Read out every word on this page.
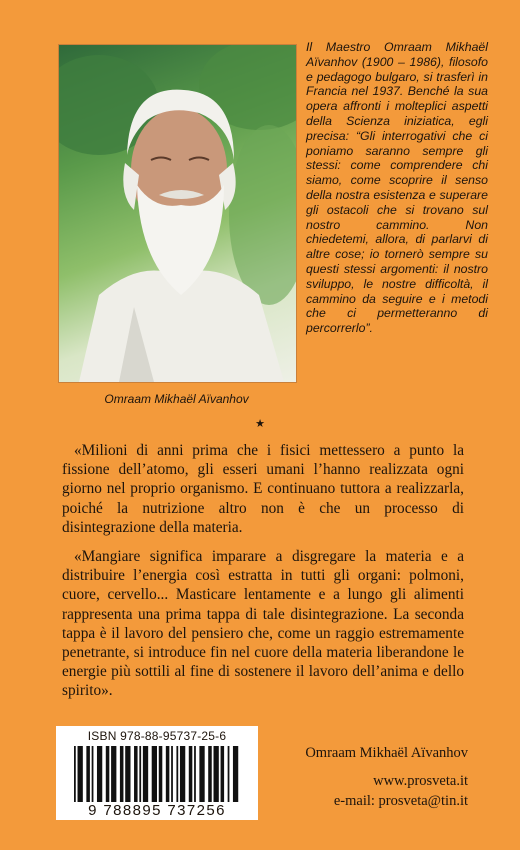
Omraam Mikhaël Aïvanhov
Il Maestro Omraam Mikhaël Aïvanhov (1900 – 1986), filosofo e pedagogo bulgaro, si trasferì in Francia nel 1937. Benché la sua opera affronti i molteplici aspetti della Scienza iniziatica, egli precisa: “Gli interrogativi che ci poniamo saranno sempre gli stessi: come comprendere chi siamo, come scoprire il senso della nostra esistenza e superare gli ostacoli che si trovano sul nostro cammino. Non chiedetemi, allora, di parlarvi di altre cose; io tornerò sempre su questi stessi argomenti: il nostro sviluppo, le nostre difficoltà, il cammino da seguire e i metodi che ci permetteranno di percorrerlo”.
★

«Milioni di anni prima che i fisici mettessero a punto la fissione dell’atomo, gli esseri umani l’hanno realizzata ogni giorno nel proprio organismo. E continuano tuttora a realizzarla, poiché la nutrizione altro non è che un processo di disintegrazione della materia.

«Mangiare significa imparare a disgregare la materia e a distribuire l’energia così estratta in tutti gli organi: polmoni, cuore, cervello... Masticare lentamente e a lungo gli alimenti rappresenta una prima tappa di tale disintegrazione. La seconda tappa è il lavoro del pensiero che, come un raggio estremamente penetrante, si introduce fin nel cuore della materia liberandone le energie più sottili al fine di sostenere il lavoro dell’anima e dello spirito».

Omraam Mikhaël Aïvanhov
www.prosveta.it
e-mail: prosveta@tin.it
ISBN 978-88-95737-25-6
9 788895 737256
